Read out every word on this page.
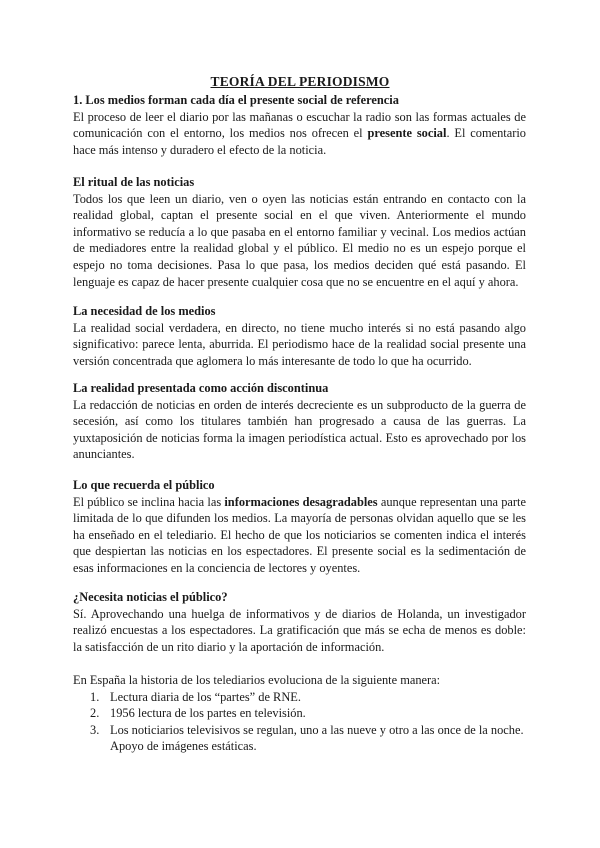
TEORÍA DEL PERIODISMO

1. Los medios forman cada día el presente social de referencia

El proceso de leer el diario por las mañanas o escuchar la radio son las formas actuales de comunicación con el entorno, los medios nos ofrecen el presente social. El comentario hace más intenso y duradero el efecto de la noticia.

El ritual de las noticias

Todos los que leen un diario, ven o oyen las noticias están entrando en contacto con la realidad global, captan el presente social en el que viven. Anteriormente el mundo informativo se reducía a lo que pasaba en el entorno familiar y vecinal. Los medios actúan de mediadores entre la realidad global y el público. El medio no es un espejo porque el espejo no toma decisiones. Pasa lo que pasa, los medios deciden qué está pasando. El lenguaje es capaz de hacer presente cualquier cosa que no se encuentre en el aquí y ahora.

La necesidad de los medios

La realidad social verdadera, en directo, no tiene mucho interés si no está pasando algo significativo: parece lenta, aburrida. El periodismo hace de la realidad social presente una versión concentrada que aglomera lo más interesante de todo lo que ha ocurrido.

La realidad presentada como acción discontinua

La redacción de noticias en orden de interés decreciente es un subproducto de la guerra de secesión, así como los titulares también han progresado a causa de las guerras. La yuxtaposición de noticias forma la imagen periodística actual. Esto es aprovechado por los anunciantes.

Lo que recuerda el público

El público se inclina hacia las informaciones desagradables aunque representan una parte limitada de lo que difunden los medios. La mayoría de personas olvidan aquello que se les ha enseñado en el telediario. El hecho de que los noticiarios se comenten indica el interés que despiertan las noticias en los espectadores. El presente social es la sedimentación de esas informaciones en la conciencia de lectores y oyentes.

¿Necesita noticias el público?

Sí. Aprovechando una huelga de informativos y de diarios de Holanda, un investigador realizó encuestas a los espectadores. La gratificación que más se echa de menos es doble: la satisfacción de un rito diario y la aportación de información.

En España la historia de los telediarios evoluciona de la siguiente manera:

1. Lectura diaria de los “partes” de RNE.
2. 1956 lectura de los partes en televisión.
3. Los noticiarios televisivos se regulan, uno a las nueve y otro a las once de la noche. Apoyo de imágenes estáticas.
